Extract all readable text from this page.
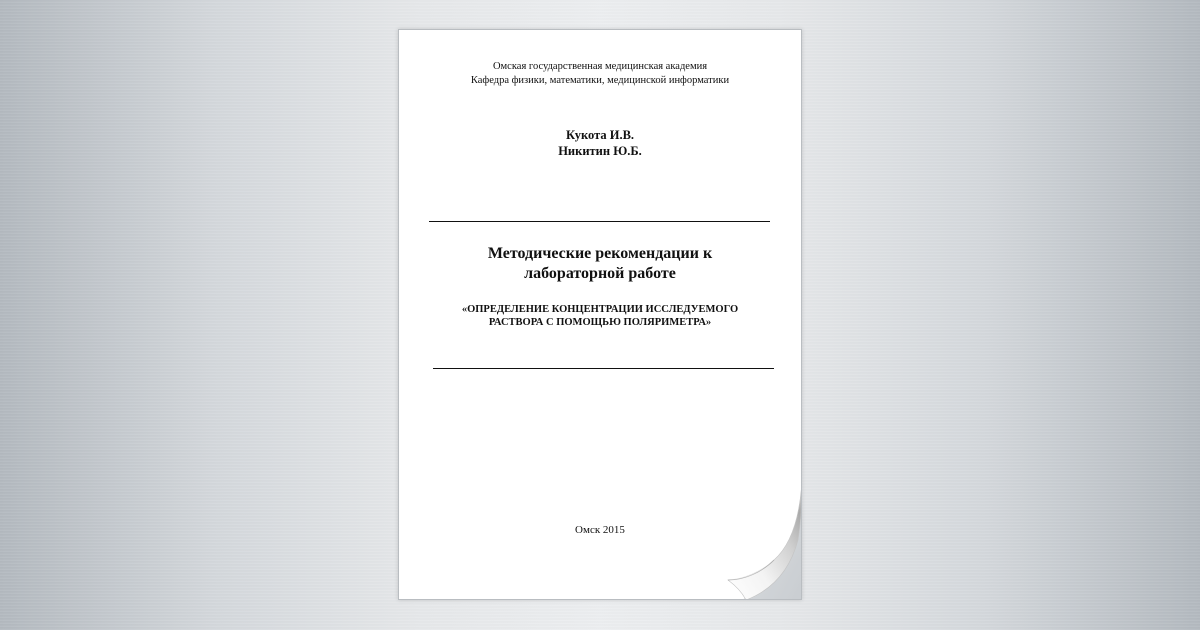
Омская государственная медицинская академия
Кафедра физики, математики, медицинской информатики
Кукота И.В.
Никитин Ю.Б.
Методические рекомендации к
лабораторной работе
«ОПРЕДЕЛЕНИЕ КОНЦЕНТРАЦИИ ИССЛЕДУЕМОГО
РАСТВОРА С ПОМОЩЬЮ ПОЛЯРИМЕТРА»
Омск 2015
